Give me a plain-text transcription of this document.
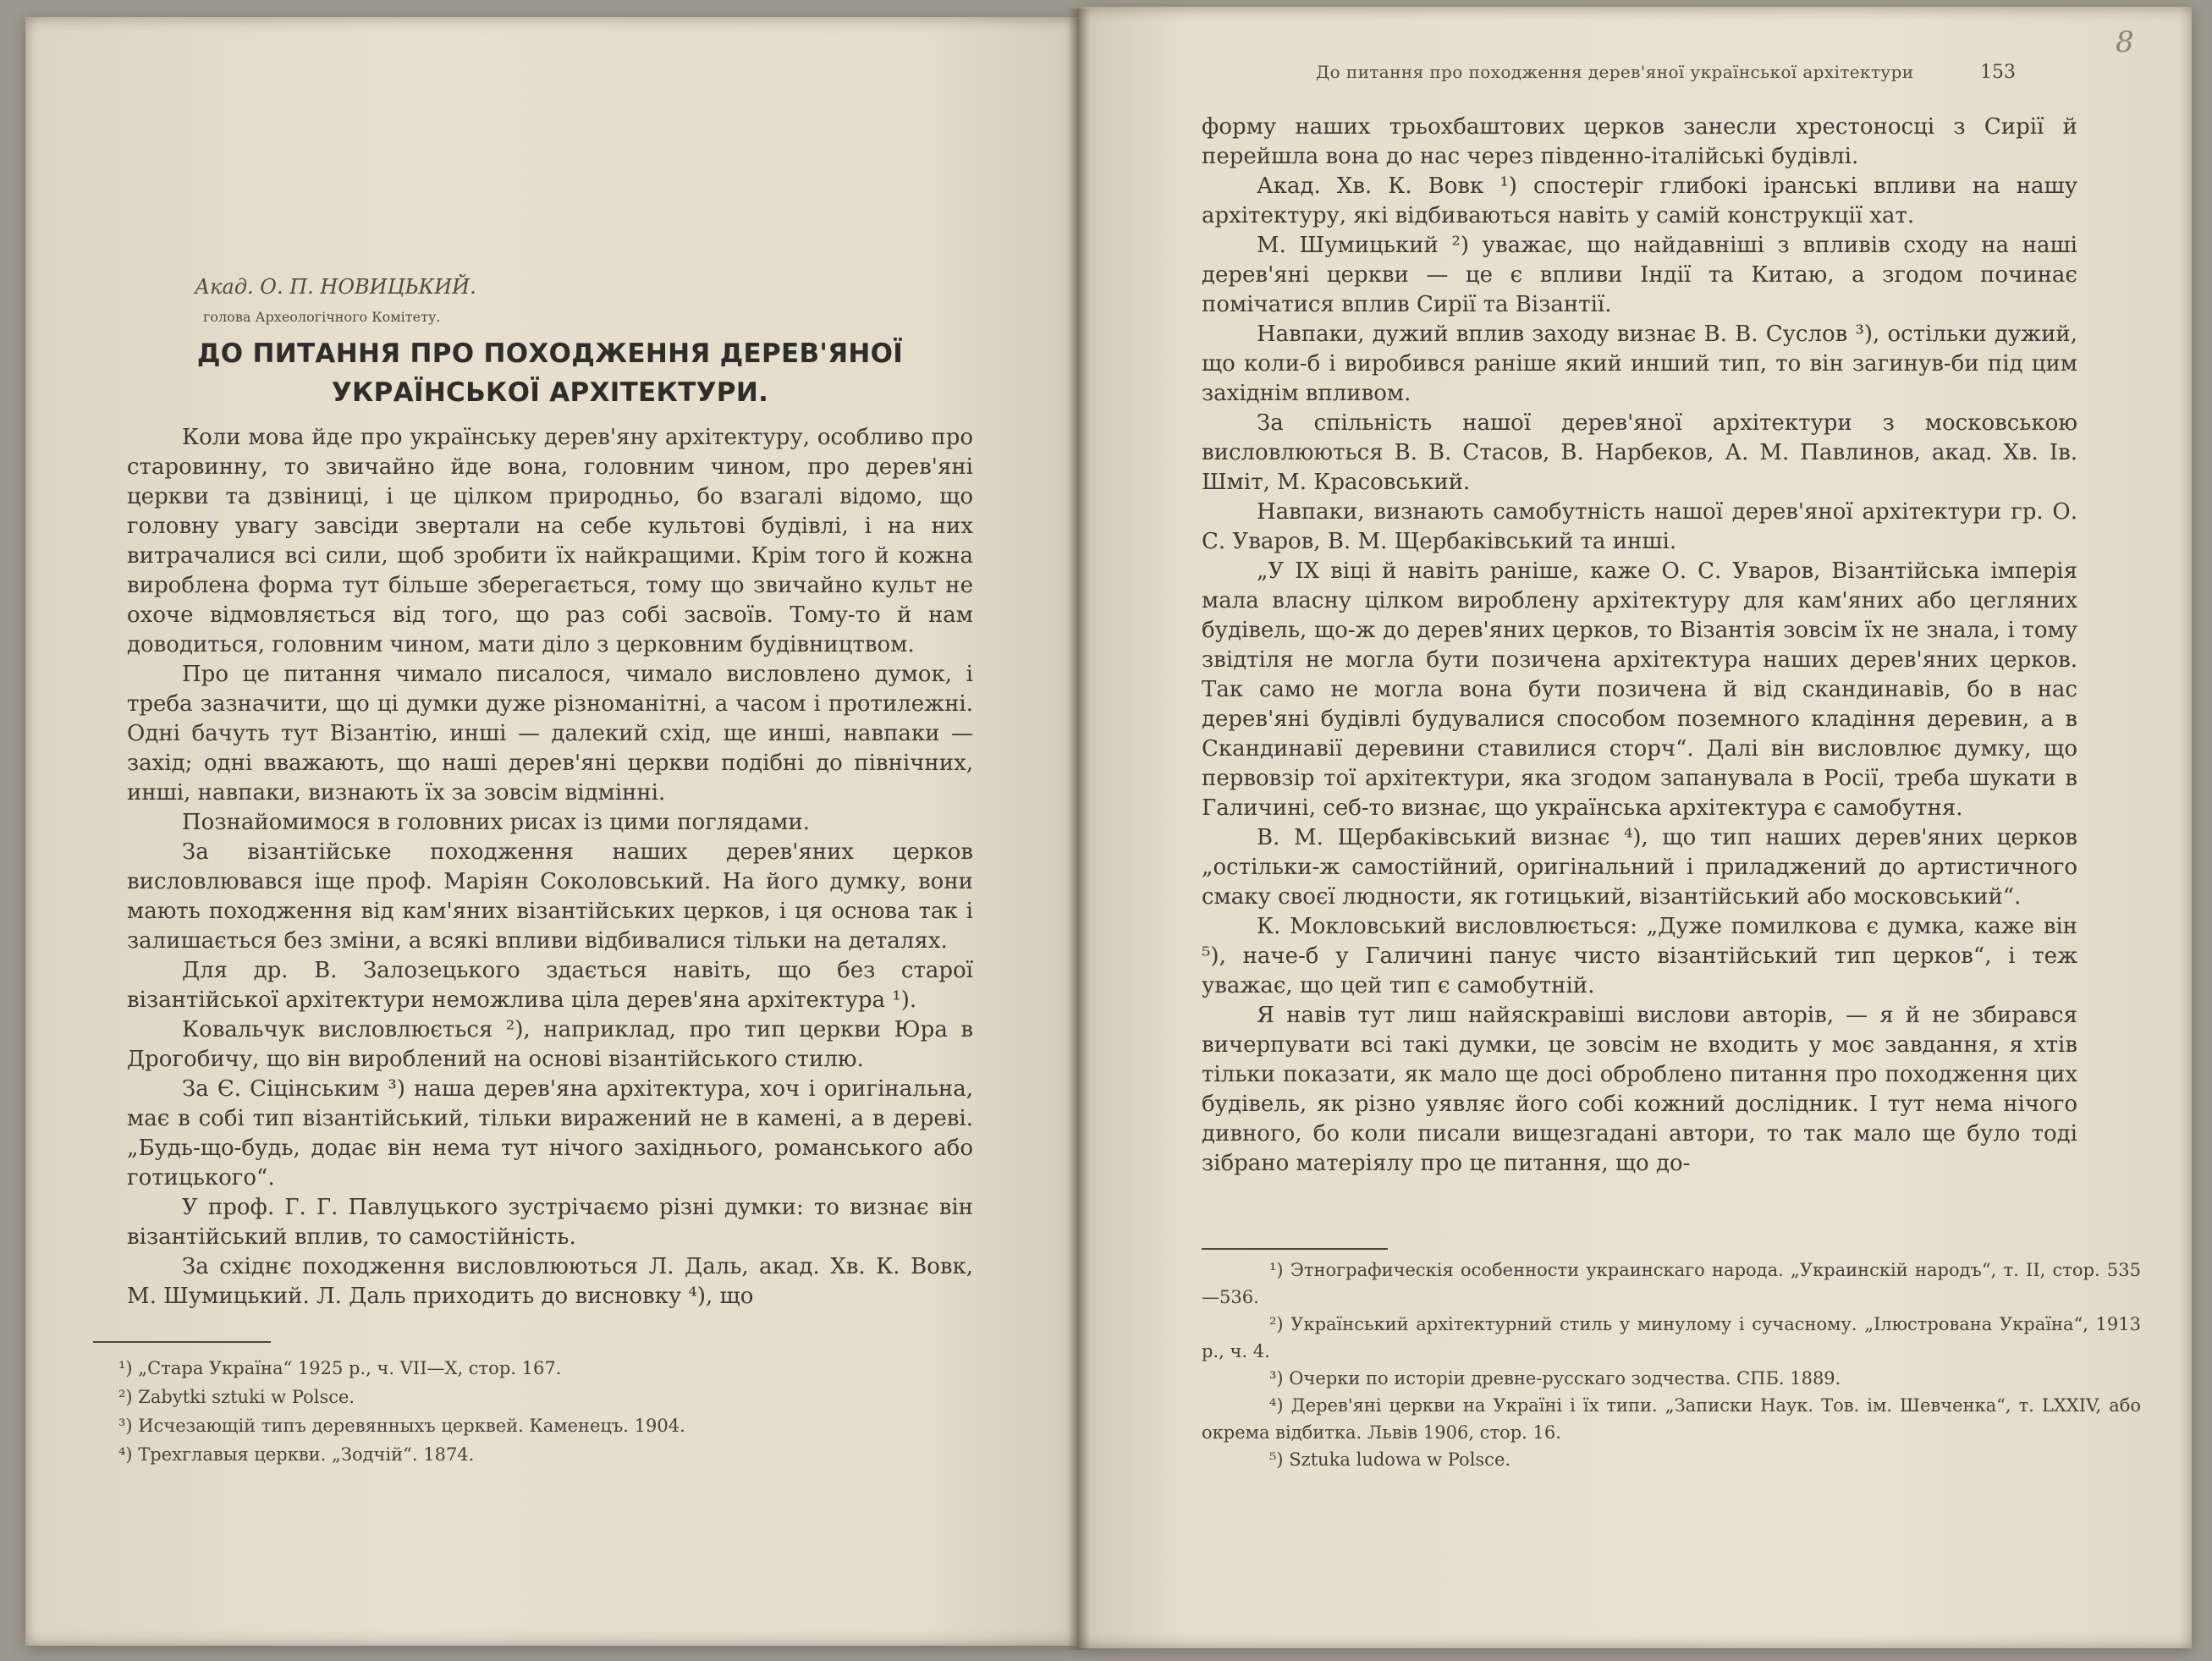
Акад. О. П. НОВИЦЬКИЙ.
голова Археологічного Комітету.
ДО ПИТАННЯ ПРО ПОХОДЖЕННЯ ДЕРЕВ'ЯНОЇ УКРАЇНСЬКОЇ АРХІТЕКТУРИ.

Коли мова йде про українську дерев'яну архітектуру, особливо про старовинну, то звичайно йде вона, головним чином, про дерев'яні церкви та дзвіниці, і це цілком природньо, бо взагалі відомо, що головну увагу зaвсіди звертали на себе культові будівлі, і на них витрачалися всі сили, щоб зробити їх найкращими. Крім того й кожна вироблена форма тут більше зберегається, тому що звичайно культ не охоче відмовляється від того, що раз собі засвоїв. Тому-то й нам доводиться, головним чином, мати діло з церковним будівництвом.

Про це питання чимало писалося, чимало висловлено думок, і треба зазначити, що ці думки дуже різноманітні, а часом і протилежні. Одні бачуть тут Візантію, инші — далекий схід, ще инші, навпаки — захід; одні вважають, що наші дерев'яні церкви подібні до північних, инші, навпаки, визнають їх за зовсім відмінні.

Познайомимося в головних рисах із цими поглядами.

За візантійське походження наших дерев'яних церков висловлювався іще проф. Маріян Соколовський. На його думку, вони мають походження від кам'яних візантійських церков, і ця основа так і залишається без зміни, а всякі впливи відбивалися тільки на деталях.

Для др. В. Залозецького здається навіть, що без старої візантійської архітектури неможлива ціла дерев'яна архітектура ¹).

Ковальчук висловлюється ²), наприклад, про тип церкви Юра в Дрогобичу, що він вироблений на основі візантійського стилю.

За Є. Сіцінським ³) наша дерев'яна архітектура, хоч і оригінальна, має в собі тип візантійський, тільки виражений не в камені, а в дереві. „Будь-що-будь, додає він нема тут нічого західнього, романського або готицького“.

У проф. Г. Г. Павлуцького зустрічаємо різні думки: то визнає він візантійський вплив, то самостійність.

За східнє походження висловлюються Л. Даль, акад. Хв. К. Вовк, М. Шумицький. Л. Даль приходить до висновку ⁴), що

¹) „Стара Україна“ 1925 р., ч. VII—X, стор. 167.
²) Zabytki sztuki w Polsce.
³) Исчезающій типъ деревянныхъ церквей. Каменецъ. 1904.
⁴) Трехглавыя церкви. „Зодчій“. 1874.
До питання про походження дерев'яної української архітектури	153
8

форму наших трьохбаштових церков занесли хрестоносці з Сирії й перейшла вона до нас через південно-італійські будівлі.

Акад. Хв. К. Вовк ¹) спостеріг глибокі іранські впливи на нашу архітектуру, які відбиваються навіть у самій конструкції хат.

М. Шумицький ²) уважає, що найдавніші з впливів сходу на наші дерев'яні церкви — це є впливи Індії та Китаю, а згодом починає помічатися вплив Сирії та Візантії.

Навпаки, дужий вплив заходу визнає В. В. Суслов ³), остільки дужий, що коли-б і виробився раніше який инший тип, то він загинув-би під цим західнім впливом.

За спільність нашої дерев'яної архітектури з московською висловлюються В. В. Стасов, В. Нарбеков, А. М. Павлинов, акад. Хв. Ів. Шміт, М. Красовський.

Навпаки, визнають самобутність нашої дерев'яної архітектури гр. О. С. Уваров, В. М. Щербаківський та инші.

„У IX віці й навіть раніше, каже О. С. Уваров, Візантійська імперія мала власну цілком вироблену архітектуру для кам'яних або цегляних будівель, що-ж до дерев'яних церков, то Візантія зовсім їх не знала, і тому звідтіля не могла бути позичена архітектура наших дерев'яних церков. Так само не могла вона бути позичена й від скандинавів, бо в нас дерев'яні будівлі будувалися способом поземного кладіння деревин, а в Скандинавії деревини ставилися сторч“. Далі він висловлює думку, що первовзір тої архітектури, яка згодом запанувала в Росії, треба шукати в Галичині, себ-то визнає, що українська архітектура є самобутня.

В. М. Щербаківський визнає ⁴), що тип наших дерев'яних церков „остільки-ж самостійний, оригінальний і приладжений до артистичного смаку своєї людности, як готицький, візантійський або московський“.

К. Мокловський висловлюється: „Дуже помилкова є думка, каже він ⁵), наче-б у Галичині панує чисто візантійський тип церков“, і теж уважає, що цей тип є самобутній.

Я навів тут лиш найяскравіші вислови авторів, — я й не збирався вичерпувати всі такі думки, це зовсім не входить у моє завдання, я хтів тільки показати, як мало ще досі оброблено питання про походження цих будівель, як різно уявляє його собі кожний дослідник. І тут нема нічого дивного, бо коли писали вищезгадані автори, то так мало ще було тоді зібрано матеріялу про це питання, що до-

¹) Этнографическія особенности украинскаго народа. „Украинскій народъ“, т. II, стор. 535—536.

²) Український архітектурний стиль у минулому і сучасному. „Ілюстрована Україна“, 1913 р., ч. 4.

³) Очерки по исторіи древне-русскаго зодчества. СПБ. 1889.

⁴) Дерев'яні церкви на Україні і їх типи. „Записки Наук. Тов. ім. Шевченка“, т. LXXIV, або окрема відбитка. Львів 1906, стор. 16.

⁵) Sztuka ludowa w Polsce.
